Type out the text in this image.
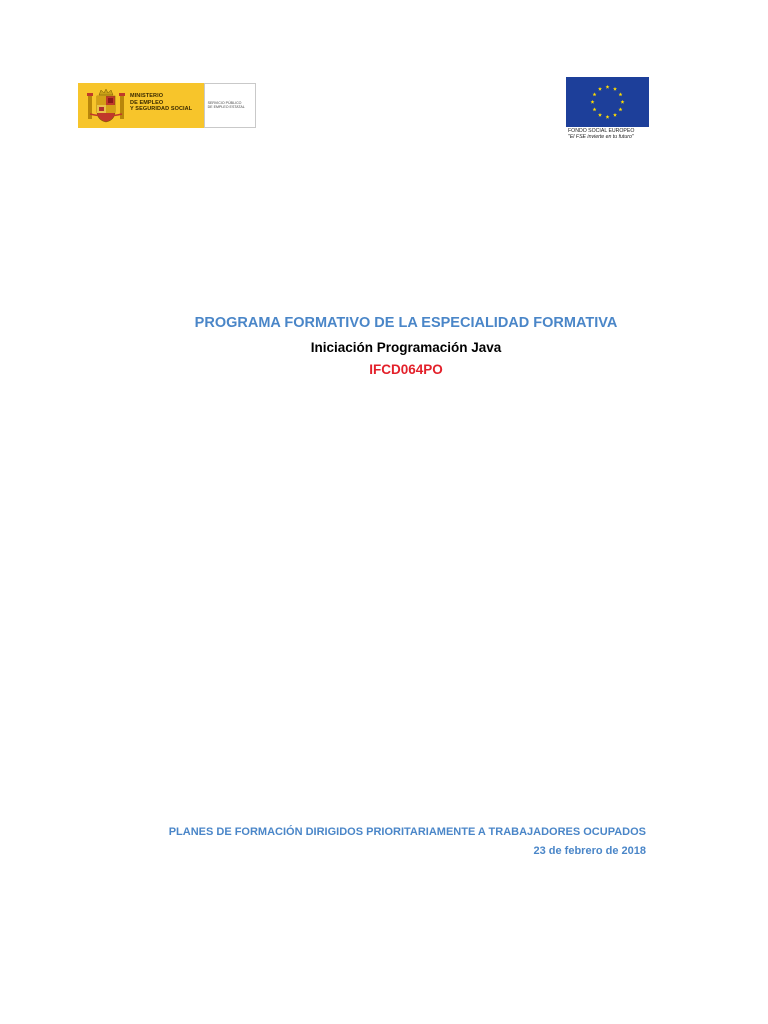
MINISTERIO
DE EMPLEO
Y SEGURIDAD SOCIAL
SERVICIO PÚBLICO
DE EMPLEO ESTATAL
FONDO SOCIAL EUROPEO
"El FSE invierte en tu futuro"
PROGRAMA FORMATIVO DE LA ESPECIALIDAD FORMATIVA
Iniciación Programación Java
IFCD064PO

PLANES DE FORMACIÓN DIRIGIDOS PRIORITARIAMENTE A TRABAJADORES OCUPADOS

23 de febrero de 2018
